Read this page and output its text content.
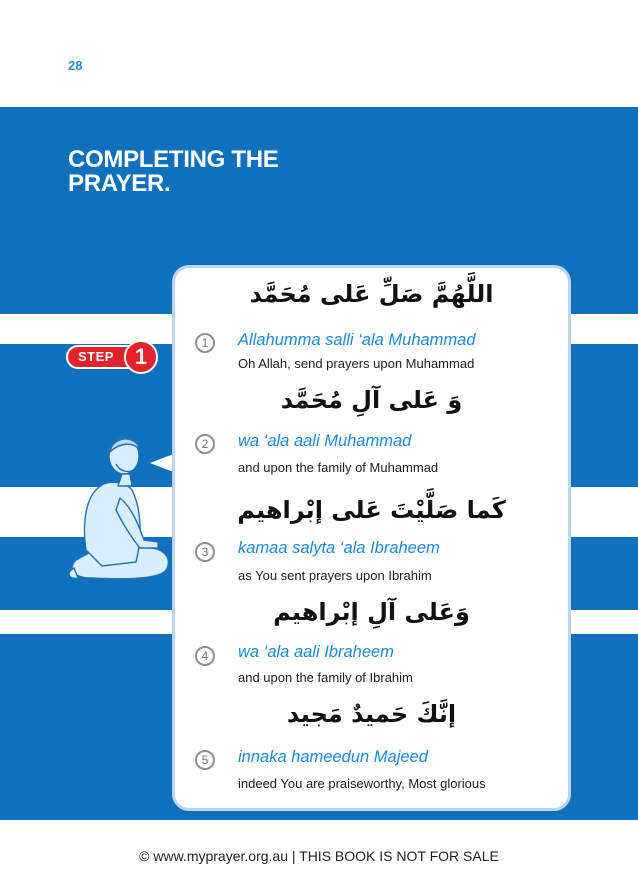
28
COMPLETING THE
PRAYER.
STEP 1
اللَّهُمَّ صَلِّ عَلى مُحَمَّد
1	Allahumma salli ‘ala Muhammad
Oh Allah, send prayers upon Muhammad
وَ عَلى آلِ مُحَمَّد
2	wa ‘ala aali Muhammad
and upon the family of Muhammad
كَما صَلَّيْتَ عَلى إبْراهيم
3	kamaa salyta ‘ala Ibraheem
as You sent prayers upon Ibrahim
وَعَلى آلِ إبْراهيم
4	wa ‘ala aali Ibraheem
and upon the family of Ibrahim
إنَّكَ حَميدٌ مَجيد
5	innaka hameedun Majeed
indeed You are praiseworthy, Most glorious
© www.myprayer.org.au | THIS BOOK IS NOT FOR SALE
